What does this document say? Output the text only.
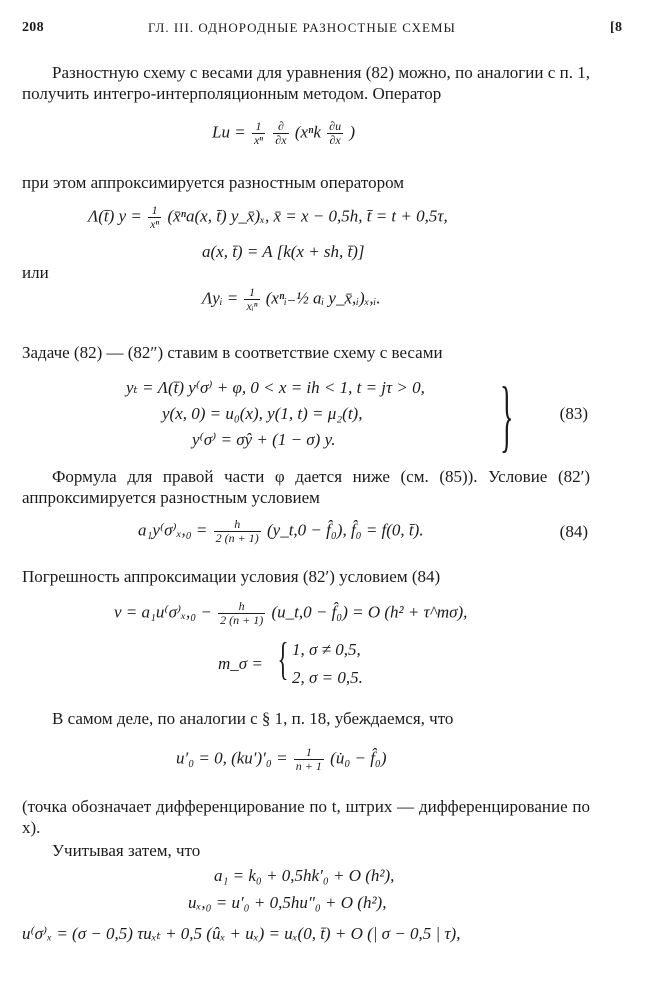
208	ГЛ. III. ОДНОРОДНЫЕ РАЗНОСТНЫЕ СХЕМЫ	[8
Разностную схему с весами для уравнения (82) можно, по аналогии с п. 1, получить интегро-интерполяционным методом. Оператор
$Lu = \frac{1}{\text{xⁿ}}$
$\frac{\partial}{\partial x} (x^nk \frac{\partial u}{\partial x}$ )
при этом аппроксимируется разностным оператором
Λ(t̄) $y = \frac{1}{\text{xⁿ}}$ (x̄ⁿa(x, t̄) y_x̄)ₓ, x̄ = x − 0,5h, t̄ = t + 0,5τ,
a(x, t̄) = A [k(x + sh, t̄)]
или
Λyᵢ = $\frac{1}{\text{xᵢⁿ}}$ (xⁿᵢ₋½ aᵢ y_x̄,ᵢ)ₓ,ᵢ.
Задаче (82) — (82″) ставим в соответствие схему с весами
yₜ = Λ(t̄) y⁽σ⁾ + φ, 0 < x = ih < 1, t = jτ > 0,
y(x, 0) = u₀(x), y(1, t) = μ₂(t),
y⁽σ⁾ = σŷ + (1 − σ) y. }	(83)
Формула для правой части φ дается ниже (см. (85)). Условие (82′) аппроксимируется разностным условием
$a_1y^(\sigma^)_x,_0 = \frac{h}{2 (n + 1)}$ (y_t,0 − f̂₀), f̂₀ = f(0, t̄).	(84)
Погрешность аппроксимации условия (82′) условием (84)
$\nu = a_1u^(\sigma^)_x,_0 - \frac{h}{2 (n + 1)}$ (u_t,0 − f̂₀) = O (h² + τ^mσ),
m_σ = { 1, σ ≠ 0,5,
2, σ = 0,5.
В самом деле, по аналогии с § 1, п. 18, убеждаемся, что
u′₀ = 0, $(ku')'_0 = \frac{1}{n + 1}$ (u̇₀ − f̂₀)
(точка обозначает дифференцирование по t, штрих — дифференцирование по x).
Учитывая затем, что
a₁ = k₀ + 0,5hk′₀ + O (h²),
uₓ,₀ = u′₀ + 0,5hu″₀ + O (h²),
u⁽σ⁾ₓ = (σ − 0,5) τuₓₜ + 0,5 (ûₓ + uₓ) = uₓ(0, t̄) + O (| σ − 0,5 | τ),
